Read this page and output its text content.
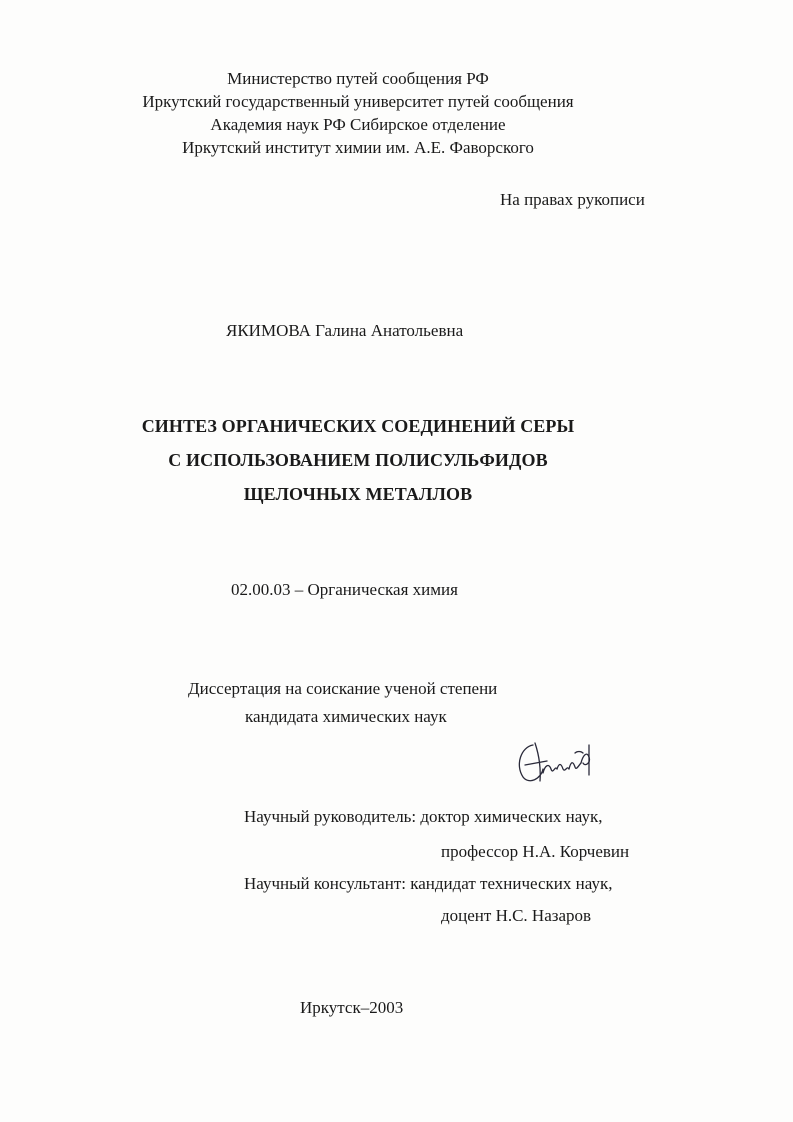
Министерство путей сообщения РФ
Иркутский государственный университет путей сообщения
Академия наук РФ Сибирское отделение
Иркутский институт химии им. А.Е. Фаворского
На правах рукописи
ЯКИМОВА Галина Анатольевна
СИНТЕЗ ОРГАНИЧЕСКИХ СОЕДИНЕНИЙ СЕРЫ
С ИСПОЛЬЗОВАНИЕМ ПОЛИСУЛЬФИДОВ
ЩЕЛОЧНЫХ МЕТАЛЛОВ
02.00.03 – Органическая химия
Диссертация на соискание ученой степени
кандидата химических наук
Научный руководитель: доктор химических наук,
профессор Н.А. Корчевин
Научный консультант: кандидат технических наук,
доцент Н.С. Назаров
Иркутск–2003
